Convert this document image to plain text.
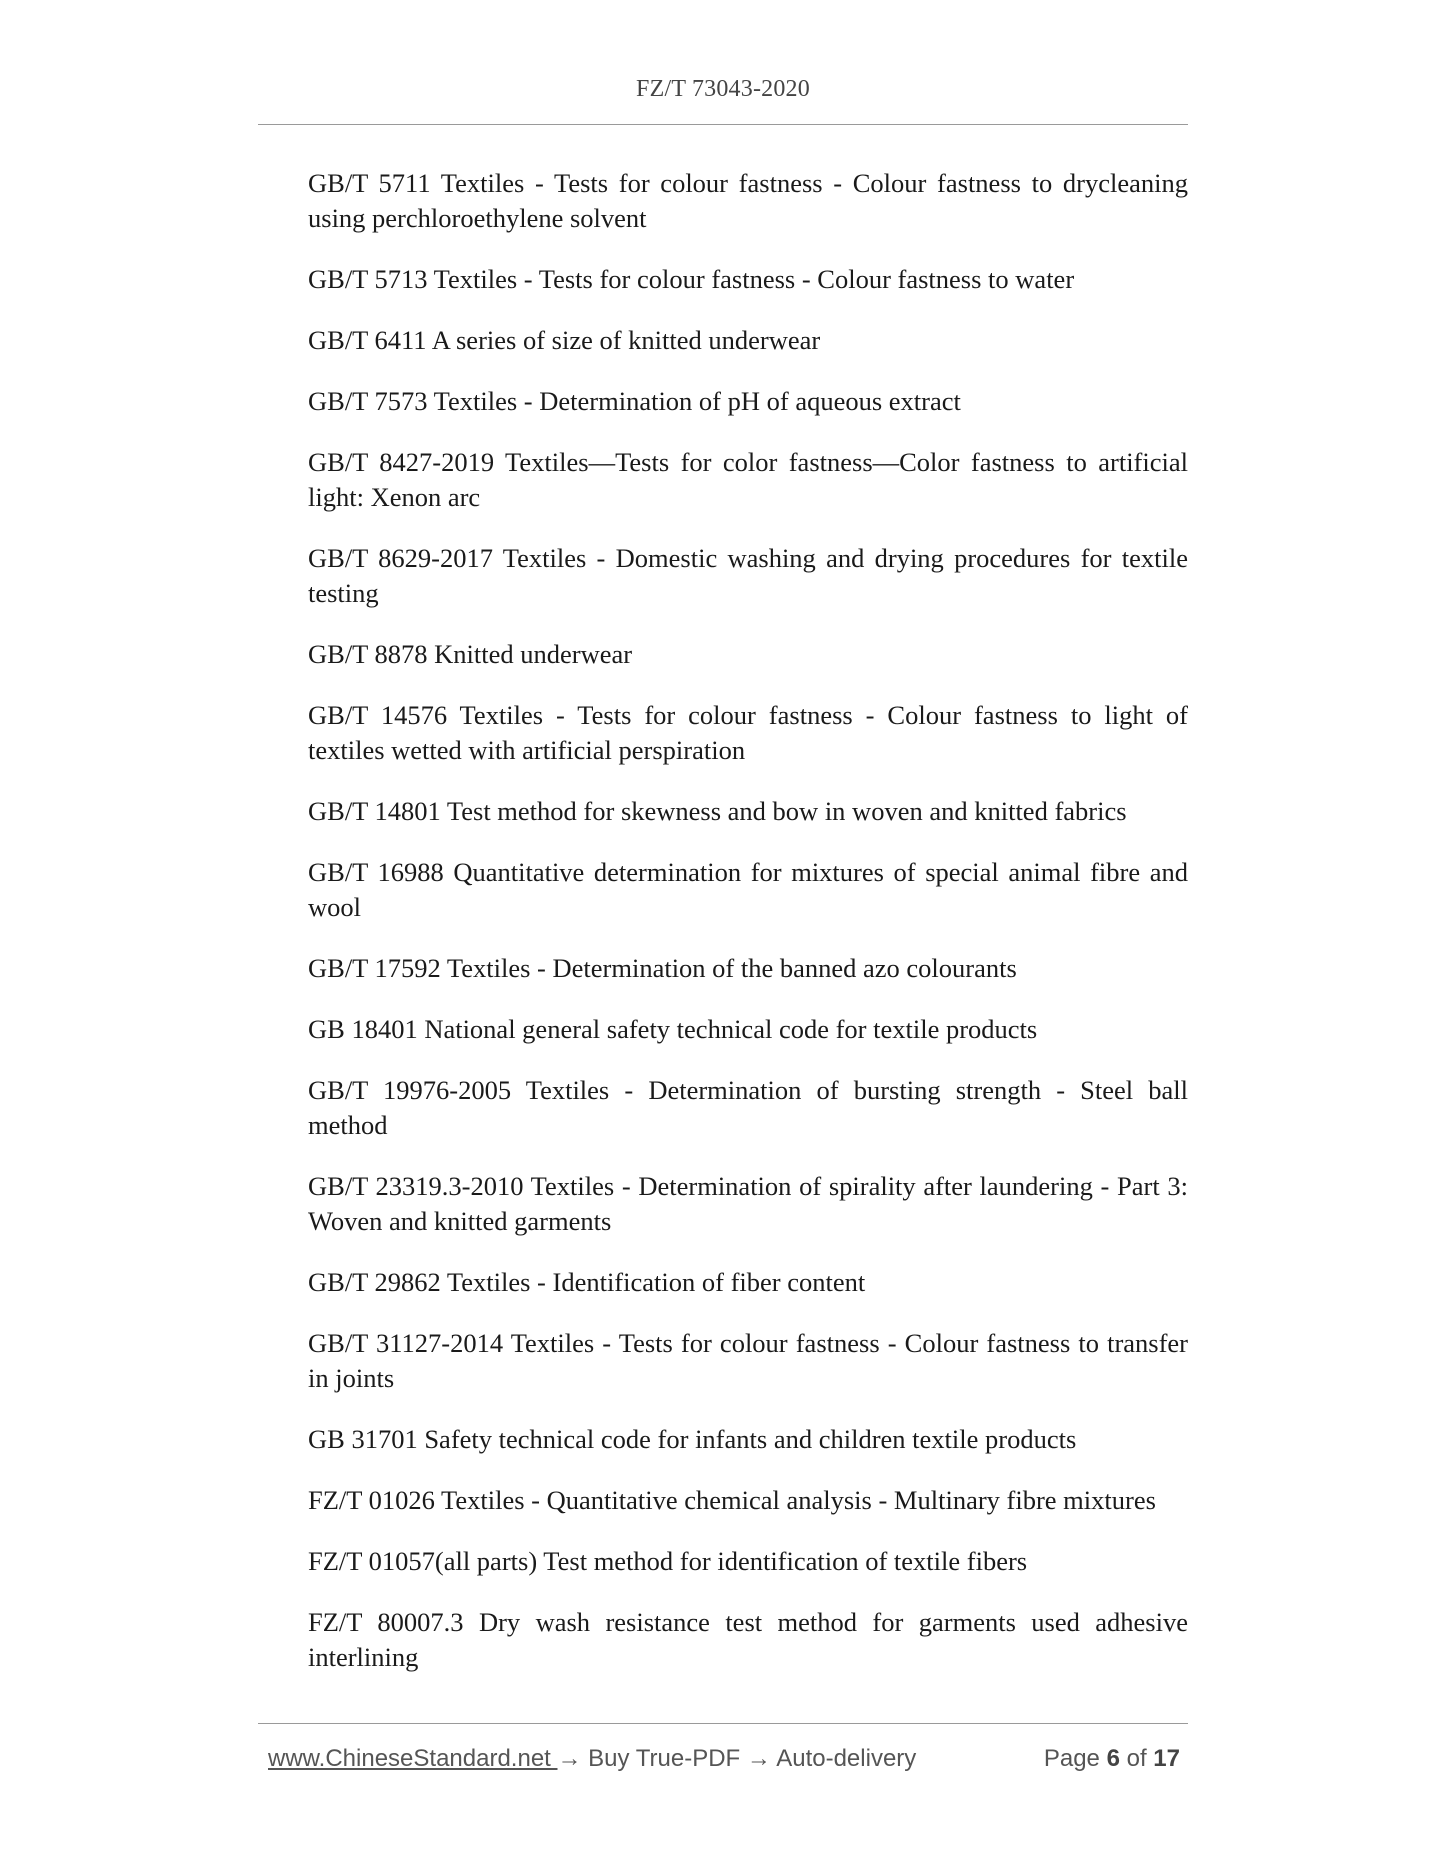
FZ/T 73043-2020
GB/T 5711 Textiles - Tests for colour fastness - Colour fastness to drycleaning using perchloroethylene solvent
GB/T 5713 Textiles - Tests for colour fastness - Colour fastness to water
GB/T 6411 A series of size of knitted underwear
GB/T 7573 Textiles - Determination of pH of aqueous extract
GB/T 8427-2019 Textiles—Tests for color fastness—Color fastness to artificial light: Xenon arc
GB/T 8629-2017 Textiles - Domestic washing and drying procedures for textile testing
GB/T 8878 Knitted underwear
GB/T 14576 Textiles - Tests for colour fastness - Colour fastness to light of textiles wetted with artificial perspiration
GB/T 14801 Test method for skewness and bow in woven and knitted fabrics
GB/T 16988 Quantitative determination for mixtures of special animal fibre and wool
GB/T 17592 Textiles - Determination of the banned azo colourants
GB 18401 National general safety technical code for textile products
GB/T 19976-2005 Textiles - Determination of bursting strength - Steel ball method
GB/T 23319.3-2010 Textiles - Determination of spirality after laundering - Part 3: Woven and knitted garments
GB/T 29862 Textiles - Identification of fiber content
GB/T 31127-2014 Textiles - Tests for colour fastness - Colour fastness to transfer in joints
GB 31701 Safety technical code for infants and children textile products
FZ/T 01026 Textiles - Quantitative chemical analysis - Multinary fibre mixtures
FZ/T 01057(all parts) Test method for identification of textile fibers
FZ/T 80007.3 Dry wash resistance test method for garments used adhesive interlining
www.ChineseStandard.net → Buy True-PDF → Auto-delivery	Page 6 of 17
